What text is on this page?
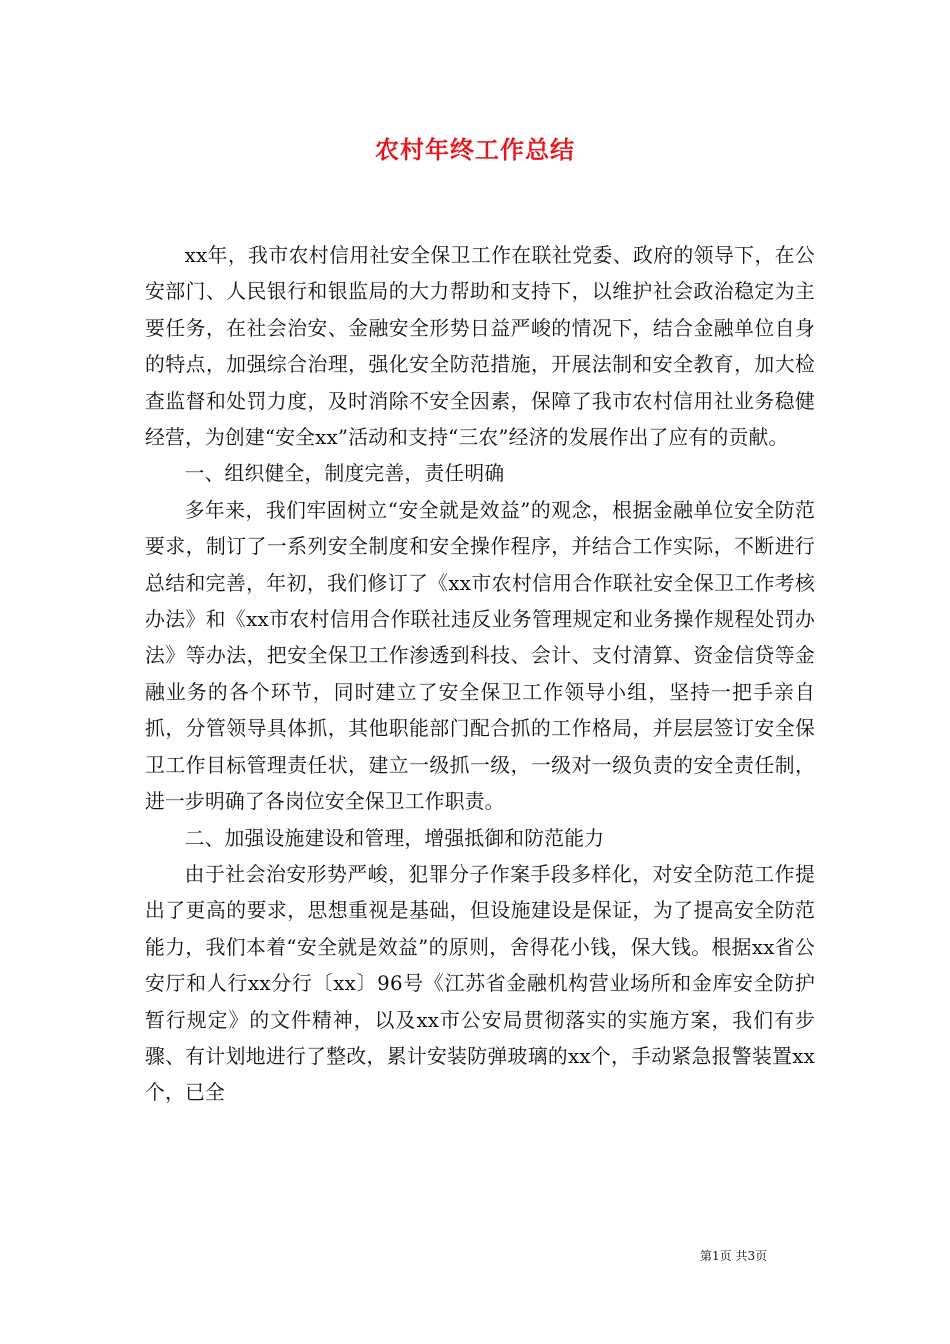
农村年终工作总结

xx年，我市农村信用社安全保卫工作在联社党委、政府的领导下，在公安部门、人民银行和银监局的大力帮助和支持下，以维护社会政治稳定为主要任务，在社会治安、金融安全形势日益严峻的情况下，结合金融单位自身的特点，加强综合治理，强化安全防范措施，开展法制和安全教育，加大检查监督和处罚力度，及时消除不安全因素，保障了我市农村信用社业务稳健经营，为创建“安全xx”活动和支持“三农”经济的发展作出了应有的贡献。

一、组织健全，制度完善，责任明确

多年来，我们牢固树立“安全就是效益”的观念，根据金融单位安全防范要求，制订了一系列安全制度和安全操作程序，并结合工作实际，不断进行总结和完善，年初，我们修订了《xx市农村信用合作联社安全保卫工作考核办法》和《xx市农村信用合作联社违反业务管理规定和业务操作规程处罚办法》等办法，把安全保卫工作渗透到科技、会计、支付清算、资金信贷等金融业务的各个环节，同时建立了安全保卫工作领导小组，坚持一把手亲自抓，分管领导具体抓，其他职能部门配合抓的工作格局，并层层签订安全保卫工作目标管理责任状，建立一级抓一级，一级对一级负责的安全责任制，进一步明确了各岗位安全保卫工作职责。

二、加强设施建设和管理，增强抵御和防范能力

由于社会治安形势严峻，犯罪分子作案手段多样化，对安全防范工作提出了更高的要求，思想重视是基础，但设施建设是保证，为了提高安全防范能力，我们本着“安全就是效益”的原则，舍得花小钱，保大钱。根据xx省公安厅和人行xx分行〔xx〕96号《江苏省金融机构营业场所和金库安全防护暂行规定》的文件精神，以及xx市公安局贯彻落实的实施方案，我们有步骤、有计划地进行了整改，累计安装防弹玻璃的xx个，手动紧急报警装置xx个，已全

第1页 共3页
